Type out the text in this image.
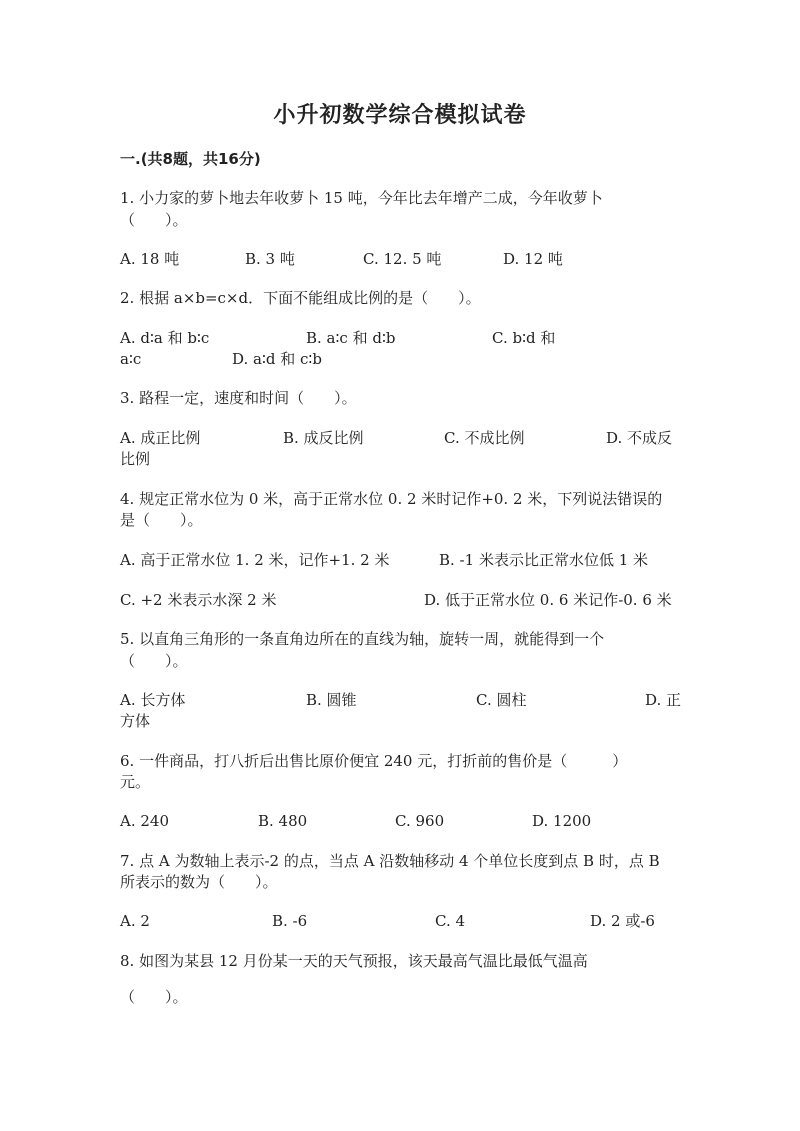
小升初数学综合模拟试卷
一.(共8题，共16分)
1. 小力家的萝卜地去年收萝卜 15 吨，今年比去年增产二成，今年收萝卜
（　　）。
A. 18 吨	B. 3 吨	C. 12. 5 吨	D. 12 吨
2. 根据 a×b=c×d．下面不能组成比例的是（　　）。
A. d∶a 和 b∶c	B. a∶c 和 d∶b	C. b∶d 和
a∶c	D. a∶d 和 c∶b
3. 路程一定，速度和时间（　　）。
A. 成正比例	B. 成反比例	C. 不成比例	D. 不成反
比例
4. 规定正常水位为 0 米，高于正常水位 0. 2 米时记作+0. 2 米，下列说法错误的
是（　　）。
A. 高于正常水位 1. 2 米，记作+1. 2 米	B. -1 米表示比正常水位低 1 米
C. +2 米表示水深 2 米	D. 低于正常水位 0. 6 米记作-0. 6 米
5. 以直角三角形的一条直角边所在的直线为轴，旋转一周，就能得到一个
（　　）。
A. 长方体	B. 圆锥	C. 圆柱	D. 正
方体
6. 一件商品，打八折后出售比原价便宜 240 元，打折前的售价是（　　　）
元。
A. 240	B. 480	C. 960	D. 1200
7. 点 A 为数轴上表示-2 的点，当点 A 沿数轴移动 4 个单位长度到点 B 时，点 B
所表示的数为（　　）。
A. 2	B. -6	C. 4	D. 2 或-6
8. 如图为某县 12 月份某一天的天气预报，该天最高气温比最低气温高
（　　）。
